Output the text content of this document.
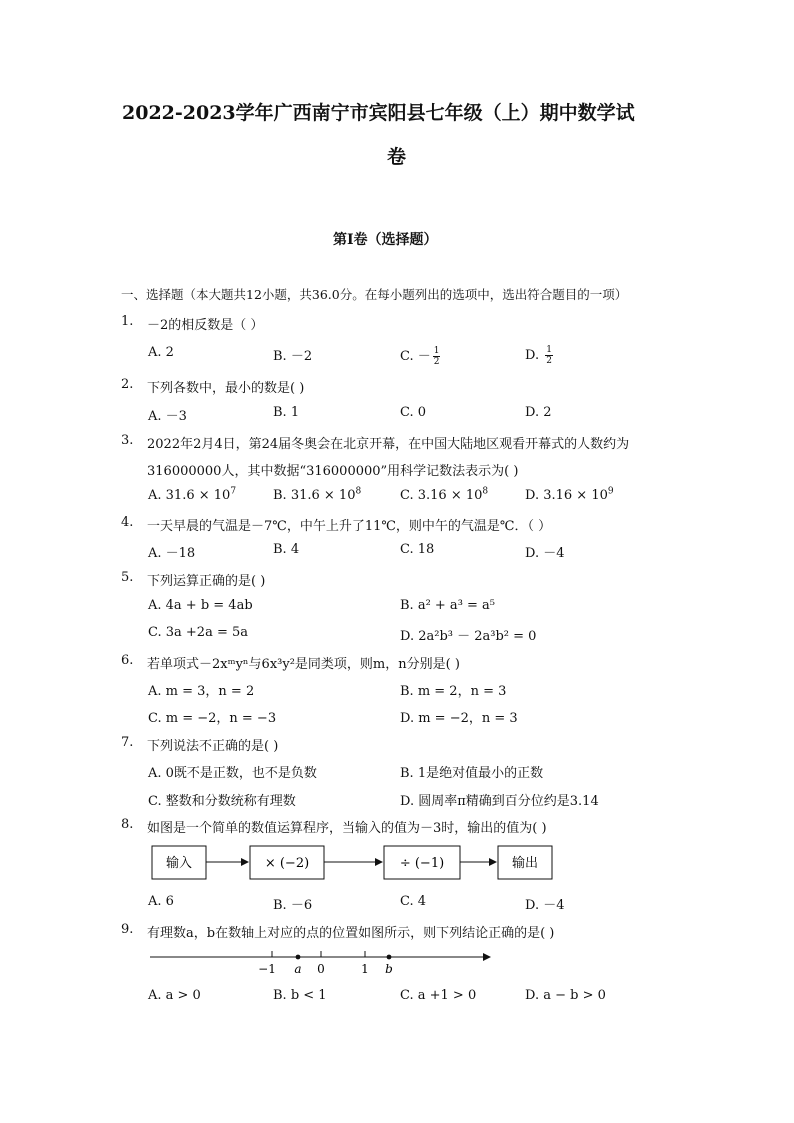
2022-2023学年广西南宁市宾阳县七年级（上）期中数学试
卷
第I卷（选择题）
一、选择题（本大题共12小题，共36.0分。在每小题列出的选项中，选出符合题目的一项）
1. －2的相反数是（ ）
A. 2	B. －2	C. － $\frac{1}{2}$	D. $\frac{1}{2}$
2. 下列各数中，最小的数是( )
A. －3	B. 1	C. 0	D. 2
3. 2022年2月4日，第24届冬奥会在北京开幕，在中国大陆地区观看开幕式的人数约为
316000000人，其中数据“316000000”用科学记数法表示为( )
A. $31.6 \times 10^7$	B. $31.6 \times 10^8$	C. $3.16 \times 10^8$	D. $3.16 \times 10^9$
4. 一天早晨的气温是－7℃，中午上升了11℃，则中午的气温是℃．（ ）
A. －18	B. 4	C. 18	D. －4
5. 下列运算正确的是( )
A. 4a + b = 4ab	B. a² + a³ = a⁵
C. 3a +2a = 5a	D. 2a²b³ － 2a³b² = 0
6. 若单项式－2xᵐyⁿ与6x³y²是同类项，则m，n分别是( )
A. m = 3，n = 2	B. m = 2，n = 3
C. m = −2，n = −3	D. m = −2，n = 3
7. 下列说法不正确的是( )
A. 0既不是正数，也不是负数	B. 1是绝对值最小的正数
C. 整数和分数统称有理数	D. 圆周率π精确到百分位约是3.14
8. 如图是一个简单的数值运算程序，当输入的值为－3时，输出的值为( )
输入	× (−2)	÷ (−1)	输出
A. 6	B. －6	C. 4	D. －4
9. 有理数a，b在数轴上对应的点的位置如图所示，则下列结论正确的是( )
−1 a 0	1 b
A. a > 0	B. b < 1	C. a +1 > 0	D. a − b > 0
